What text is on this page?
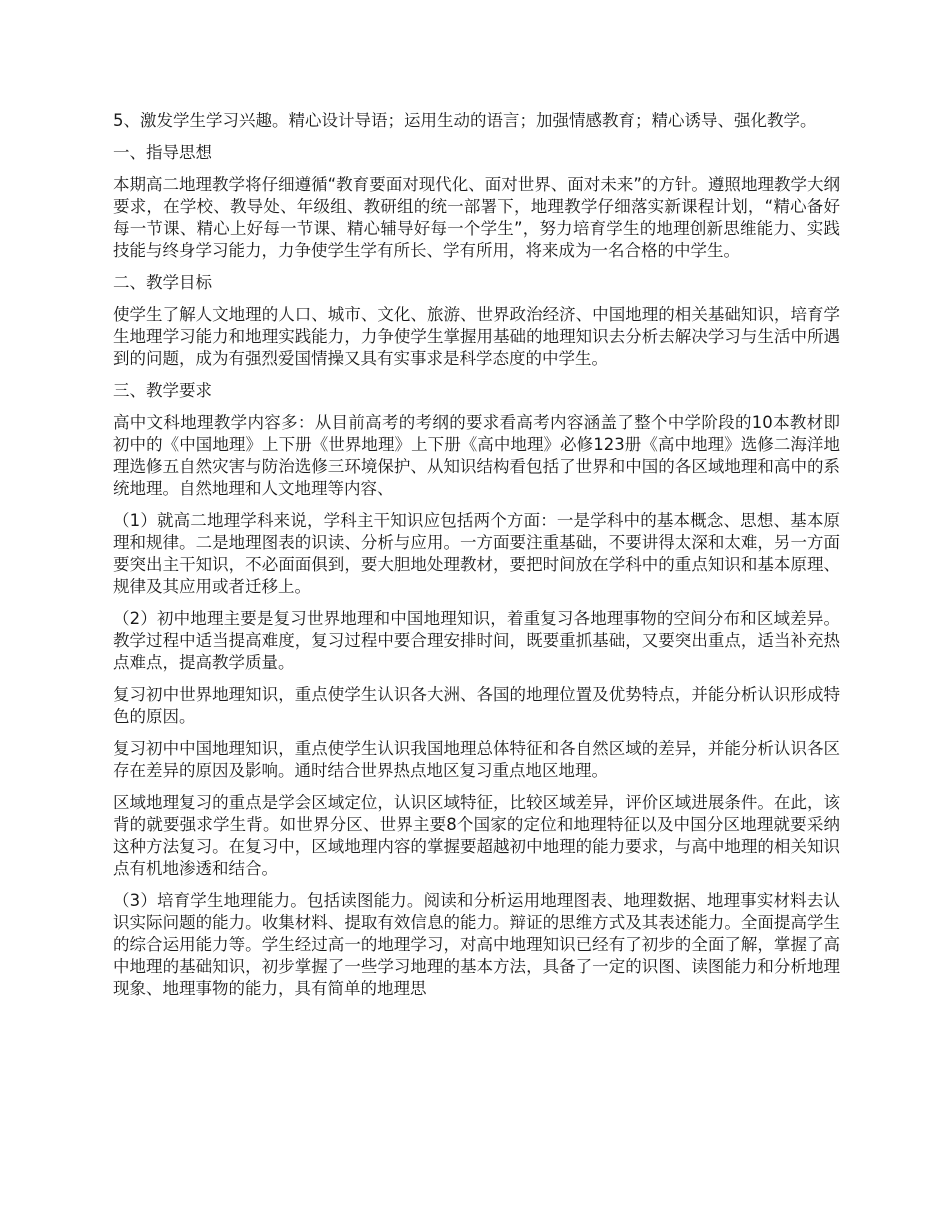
5、激发学生学习兴趣。精心设计导语；运用生动的语言；加强情感教育；精心诱导、强化教学。

一、指导思想

本期高二地理教学将仔细遵循“教育要面对现代化、面对世界、面对未来”的方针。遵照地理教学大纲要求，在学校、教导处、年级组、教研组的统一部署下，地理教学仔细落实新课程计划，“精心备好每一节课、精心上好每一节课、精心辅导好每一个学生”，努力培育学生的地理创新思维能力、实践技能与终身学习能力，力争使学生学有所长、学有所用，将来成为一名合格的中学生。

二、教学目标

使学生了解人文地理的人口、城市、文化、旅游、世界政治经济、中国地理的相关基础知识，培育学生地理学习能力和地理实践能力，力争使学生掌握用基础的地理知识去分析去解决学习与生活中所遇到的问题，成为有强烈爱国情操又具有实事求是科学态度的中学生。

三、教学要求

高中文科地理教学内容多：从目前高考的考纲的要求看高考内容涵盖了整个中学阶段的10本教材即初中的《中国地理》上下册《世界地理》上下册《高中地理》必修123册《高中地理》选修二海洋地理选修五自然灾害与防治选修三环境保护、从知识结构看包括了世界和中国的各区域地理和高中的系统地理。自然地理和人文地理等内容、

（1）就高二地理学科来说，学科主干知识应包括两个方面：一是学科中的基本概念、思想、基本原理和规律。二是地理图表的识读、分析与应用。一方面要注重基础，不要讲得太深和太难，另一方面要突出主干知识，不必面面俱到，要大胆地处理教材，要把时间放在学科中的重点知识和基本原理、规律及其应用或者迁移上。

（2）初中地理主要是复习世界地理和中国地理知识，着重复习各地理事物的空间分布和区域差异。教学过程中适当提高难度，复习过程中要合理安排时间，既要重抓基础，又要突出重点，适当补充热点难点，提高教学质量。

复习初中世界地理知识，重点使学生认识各大洲、各国的地理位置及优势特点，并能分析认识形成特色的原因。

复习初中中国地理知识，重点使学生认识我国地理总体特征和各自然区域的差异，并能分析认识各区存在差异的原因及影响。通时结合世界热点地区复习重点地区地理。

区域地理复习的重点是学会区域定位，认识区域特征，比较区域差异，评价区域进展条件。在此，该背的就要强求学生背。如世界分区、世界主要8个国家的定位和地理特征以及中国分区地理就要采纳这种方法复习。在复习中，区域地理内容的掌握要超越初中地理的能力要求，与高中地理的相关知识点有机地渗透和结合。

（3）培育学生地理能力。包括读图能力。阅读和分析运用地理图表、地理数据、地理事实材料去认识实际问题的能力。收集材料、提取有效信息的能力。辩证的思维方式及其表述能力。全面提高学生的综合运用能力等。学生经过高一的地理学习，对高中地理知识已经有了初步的全面了解，掌握了高中地理的基础知识，初步掌握了一些学习地理的基本方法，具备了一定的识图、读图能力和分析地理现象、地理事物的能力，具有简单的地理思
